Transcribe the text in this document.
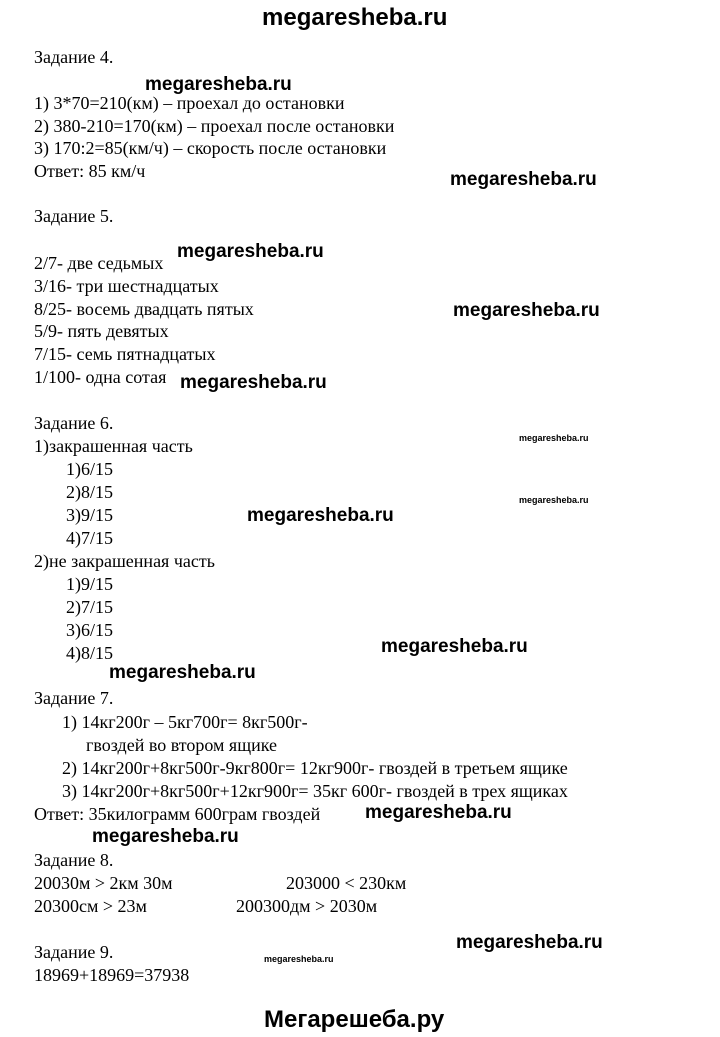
megaresheba.ru
Мегарешеба.ру
Задание 4.
1) 3*70=210(км) – проехал до остановки
2) 380-210=170(км) – проехал после остановки
3) 170:2=85(км/ч) – скорость после остановки
Ответ: 85 км/ч
Задание 5.
2/7- две седьмых
3/16- три шестнадцатых
8/25- восемь двадцать пятых
5/9- пять девятых
7/15- семь пятнадцатых
1/100- одна сотая
Задание 6.
1)закрашенная часть
1)6/15
2)8/15
3)9/15
4)7/15
2)не закрашенная часть
1)9/15
2)7/15
3)6/15
4)8/15
Задание 7.
1) 14кг200г – 5кг700г= 8кг500г-
гвоздей во втором ящике
2) 14кг200г+8кг500г-9кг800г= 12кг900г- гвоздей в третьем ящике
3) 14кг200г+8кг500г+12кг900г= 35кг 600г- гвоздей в трех ящиках
Ответ: 35килограмм 600грам гвоздей
Задание 8.
20030м > 2км 30м	203000 < 230км
20300см > 23м	200300дм > 2030м
Задание 9.
18969+18969=37938
megaresheba.ru
megaresheba.ru
megaresheba.ru
megaresheba.ru
megaresheba.ru
megaresheba.ru
megaresheba.ru
megaresheba.ru
megaresheba.ru
megaresheba.ru
megaresheba.ru
megaresheba.ru
megaresheba.ru
megaresheba.ru
